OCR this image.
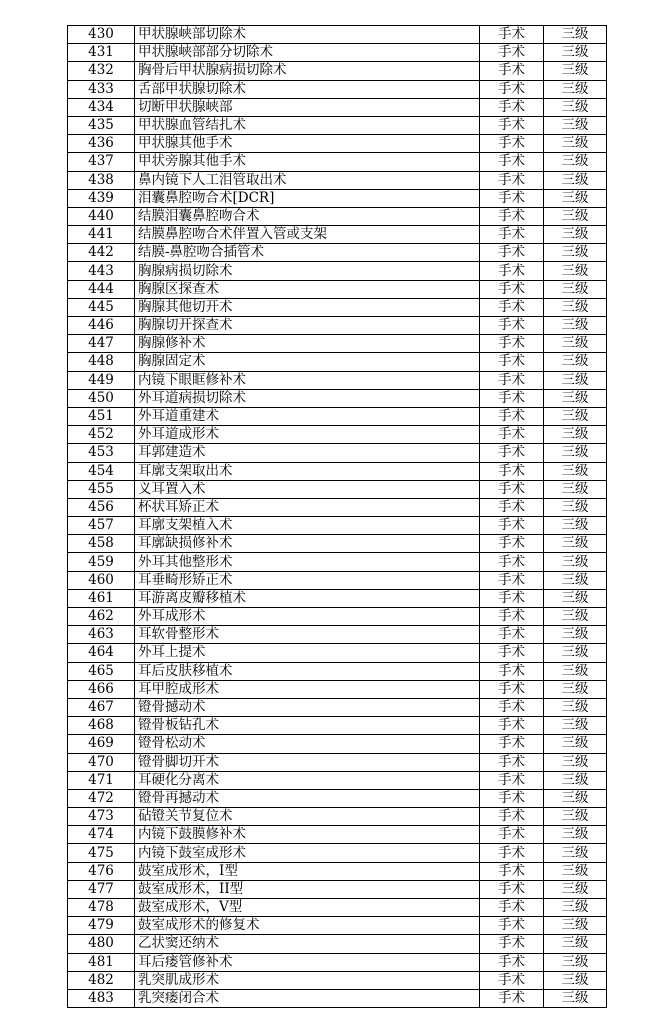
430	甲状腺峡部切除术	手术	三级
431	甲状腺峡部部分切除术	手术	三级
432	胸骨后甲状腺病损切除术	手术	三级
433	舌部甲状腺切除术	手术	三级
434	切断甲状腺峡部	手术	三级
435	甲状腺血管结扎术	手术	三级
436	甲状腺其他手术	手术	三级
437	甲状旁腺其他手术	手术	三级
438	鼻内镜下人工泪管取出术	手术	三级
439	泪囊鼻腔吻合术[DCR]	手术	三级
440	结膜泪囊鼻腔吻合术	手术	三级
441	结膜鼻腔吻合术伴置入管或支架	手术	三级
442	结膜-鼻腔吻合插管术	手术	三级
443	胸腺病损切除术	手术	三级
444	胸腺区探查术	手术	三级
445	胸腺其他切开术	手术	三级
446	胸腺切开探查术	手术	三级
447	胸腺修补术	手术	三级
448	胸腺固定术	手术	三级
449	内镜下眼眶修补术	手术	三级
450	外耳道病损切除术	手术	三级
451	外耳道重建术	手术	三级
452	外耳道成形术	手术	三级
453	耳郭建造术	手术	三级
454	耳廓支架取出术	手术	三级
455	义耳置入术	手术	三级
456	杯状耳矫正术	手术	三级
457	耳廓支架植入术	手术	三级
458	耳廓缺损修补术	手术	三级
459	外耳其他整形术	手术	三级
460	耳垂畸形矫正术	手术	三级
461	耳游离皮瓣移植术	手术	三级
462	外耳成形术	手术	三级
463	耳软骨整形术	手术	三级
464	外耳上提术	手术	三级
465	耳后皮肤移植术	手术	三级
466	耳甲腔成形术	手术	三级
467	镫骨撼动术	手术	三级
468	镫骨板钻孔术	手术	三级
469	镫骨松动术	手术	三级
470	镫骨脚切开术	手术	三级
471	耳硬化分离术	手术	三级
472	镫骨再撼动术	手术	三级
473	砧镫关节复位术	手术	三级
474	内镜下鼓膜修补术	手术	三级
475	内镜下鼓室成形术	手术	三级
476	鼓室成形术，I型	手术	三级
477	鼓室成形术，II型	手术	三级
478	鼓室成形术，V型	手术	三级
479	鼓室成形术的修复术	手术	三级
480	乙状窦还纳术	手术	三级
481	耳后瘘管修补术	手术	三级
482	乳突肌成形术	手术	三级
483	乳突瘘闭合术	手术	三级
